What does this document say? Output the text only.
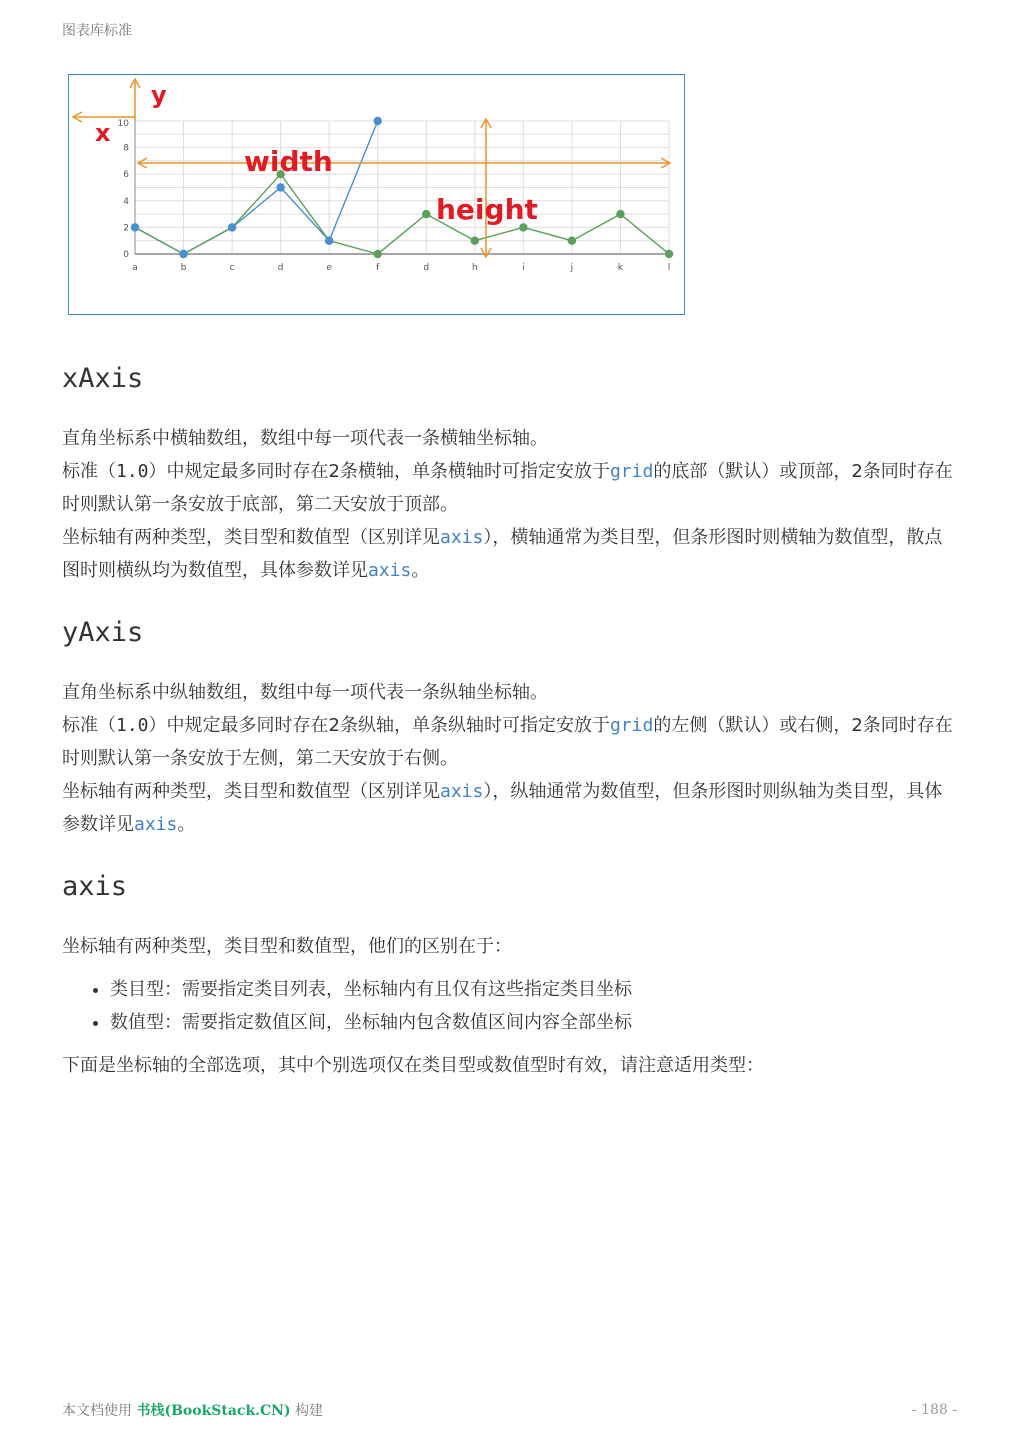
图表库标准
a	b	c	d	e	f	d	h	i	j	k	l
0
2
4
6
8
10
x
y
width
height
xAxis

直角坐标系中横轴数组，数组中每一项代表一条横轴坐标轴。

标准（1.0）中规定最多同时存在2条横轴，单条横轴时可指定安放于grid的底部（默认）或顶部，2条同时存在时则默认第一条安放于底部，第二天安放于顶部。

坐标轴有两种类型，类目型和数值型（区别详见axis），横轴通常为类目型，但条形图时则横轴为数值型，散点图时则横纵均为数值型，具体参数详见axis。

yAxis

直角坐标系中纵轴数组，数组中每一项代表一条纵轴坐标轴。

标准（1.0）中规定最多同时存在2条纵轴，单条纵轴时可指定安放于grid的左侧（默认）或右侧，2条同时存在时则默认第一条安放于左侧，第二天安放于右侧。

坐标轴有两种类型，类目型和数值型（区别详见axis），纵轴通常为数值型，但条形图时则纵轴为类目型，具体参数详见axis。

axis

坐标轴有两种类型，类目型和数值型，他们的区别在于：

• 类目型：需要指定类目列表，坐标轴内有且仅有这些指定类目坐标
• 数值型：需要指定数值区间，坐标轴内包含数值区间内容全部坐标

下面是坐标轴的全部选项，其中个别选项仅在类目型或数值型时有效，请注意适用类型：

本文档使用 书栈(BookStack.CN) 构建	- 188 -
